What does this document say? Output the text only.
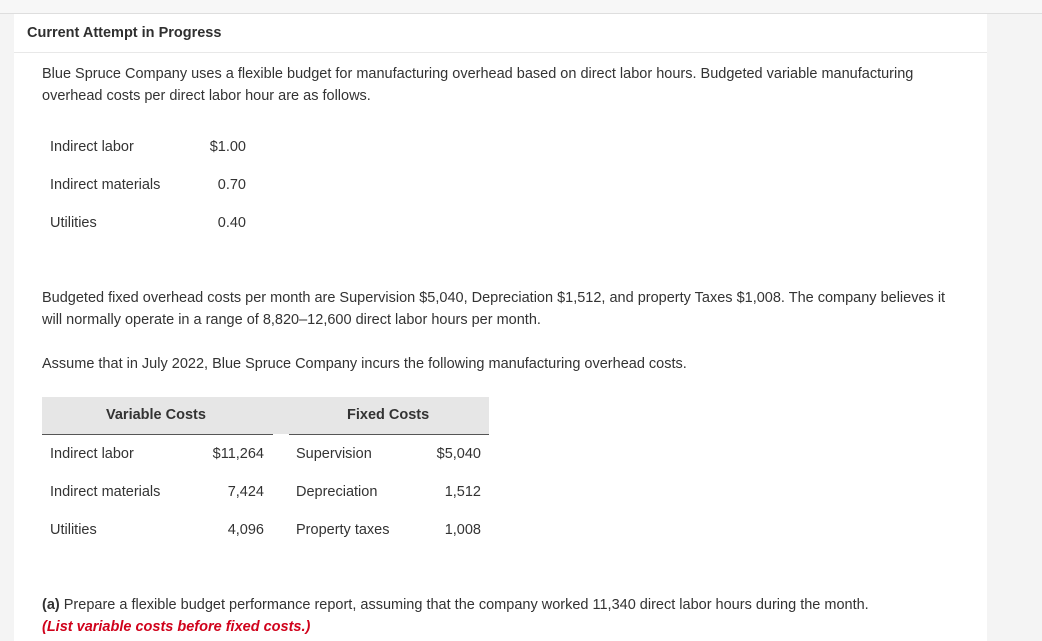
Current Attempt in Progress
Blue Spruce Company uses a flexible budget for manufacturing overhead based on direct labor hours. Budgeted variable manufacturing overhead costs per direct labor hour are as follows.
Indirect labor	$1.00
Indirect materials	0.70
Utilities	0.40
Budgeted fixed overhead costs per month are Supervision $5,040, Depreciation $1,512, and property Taxes $1,008. The company believes it will normally operate in a range of 8,820–12,600 direct labor hours per month.
Assume that in July 2022, Blue Spruce Company incurs the following manufacturing overhead costs.
Variable Costs	Fixed Costs
Indirect labor	$11,264 Supervision	$5,040
Indirect materials	7,424 Depreciation	1,512
Utilities	4,096 Property taxes	1,008
(a) Prepare a flexible budget performance report, assuming that the company worked 11,340 direct labor hours during the month.
(List variable costs before fixed costs.)
